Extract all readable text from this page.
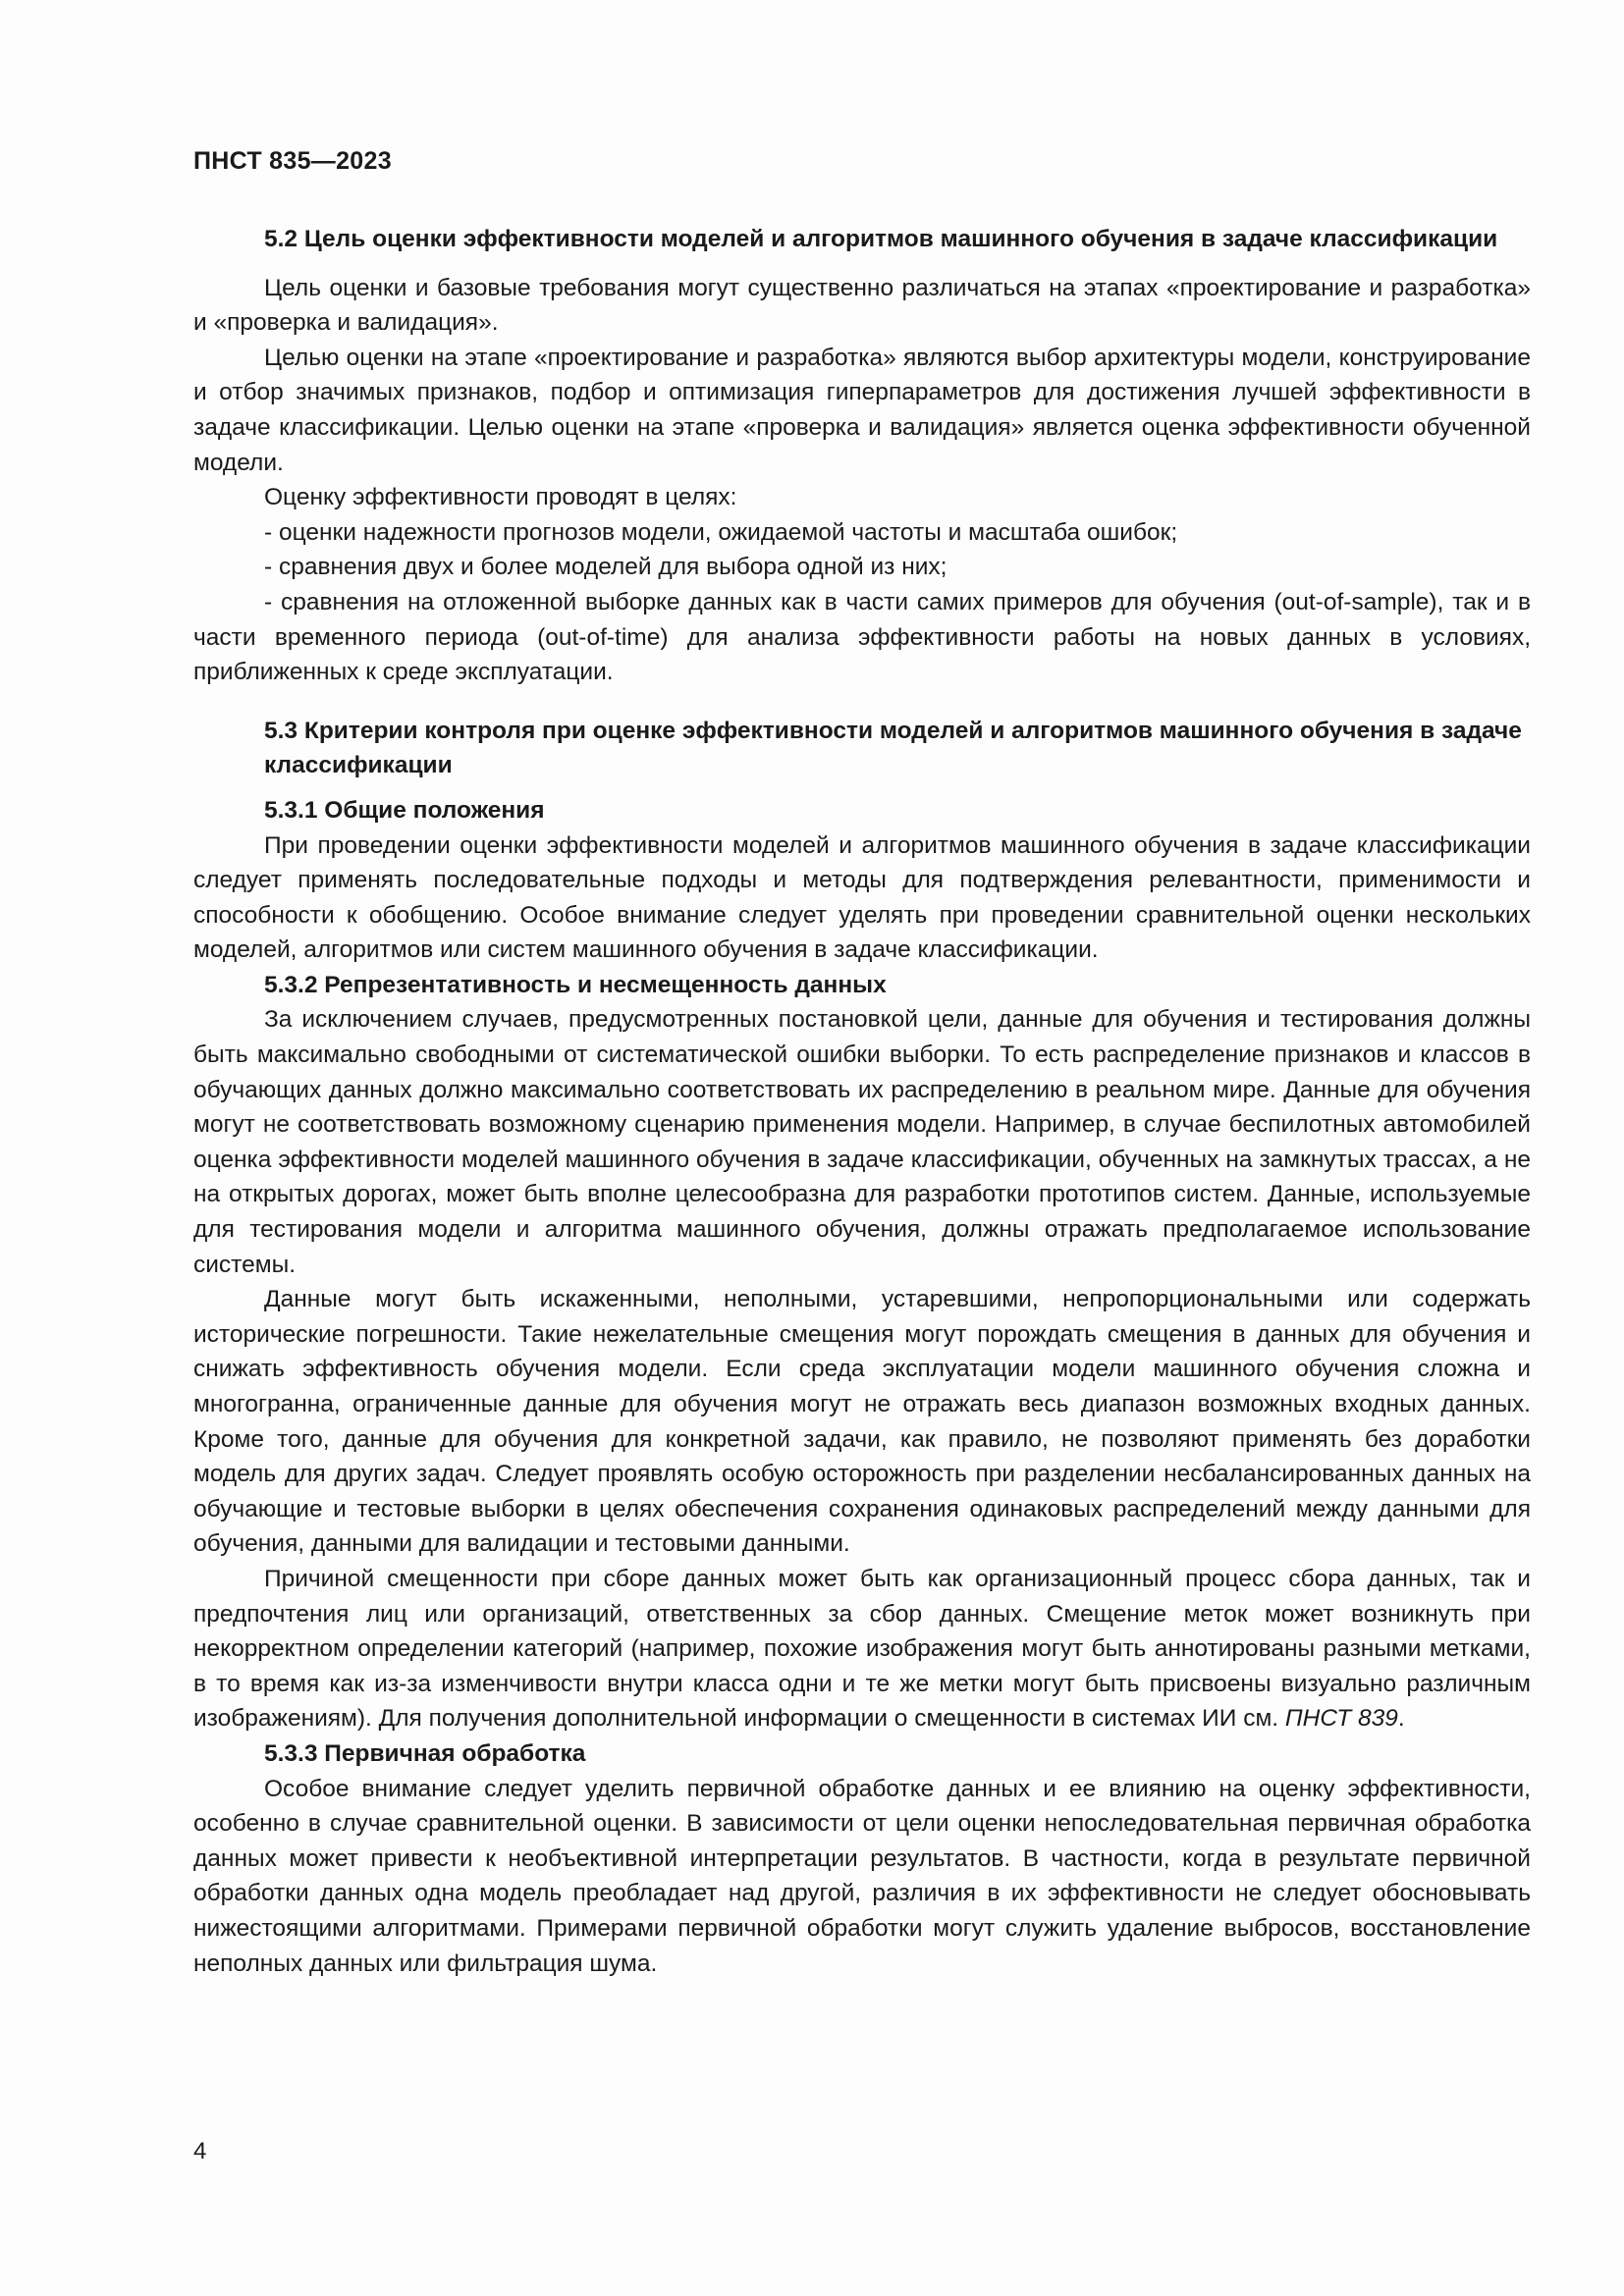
ПНСТ 835—2023

5.2 Цель оценки эффективности моделей и алгоритмов машинного обучения в задаче классификации

Цель оценки и базовые требования могут существенно различаться на этапах «проектирование и разработка» и «проверка и валидация».

Целью оценки на этапе «проектирование и разработка» являются выбор архитектуры модели, конструирование и отбор значимых признаков, подбор и оптимизация гиперпараметров для достижения лучшей эффективности в задаче классификации. Целью оценки на этапе «проверка и валидация» является оценка эффективности обученной модели.

Оценку эффективности проводят в целях:

- оценки надежности прогнозов модели, ожидаемой частоты и масштаба ошибок;

- сравнения двух и более моделей для выбора одной из них;

- сравнения на отложенной выборке данных как в части самих примеров для обучения (out-of-sample), так и в части временного периода (out-of-time) для анализа эффективности работы на новых данных в условиях, приближенных к среде эксплуатации.

5.3 Критерии контроля при оценке эффективности моделей и алгоритмов машинного обучения в задаче классификации

5.3.1 Общие положения

При проведении оценки эффективности моделей и алгоритмов машинного обучения в задаче классификации следует применять последовательные подходы и методы для подтверждения релевантности, применимости и способности к обобщению. Особое внимание следует уделять при проведении сравнительной оценки нескольких моделей, алгоритмов или систем машинного обучения в задаче классификации.

5.3.2 Репрезентативность и несмещенность данных

За исключением случаев, предусмотренных постановкой цели, данные для обучения и тестирования должны быть максимально свободными от систематической ошибки выборки. То есть распределение признаков и классов в обучающих данных должно максимально соответствовать их распределению в реальном мире. Данные для обучения могут не соответствовать возможному сценарию применения модели. Например, в случае беспилотных автомобилей оценка эффективности моделей машинного обучения в задаче классификации, обученных на замкнутых трассах, а не на открытых дорогах, может быть вполне целесообразна для разработки прототипов систем. Данные, используемые для тестирования модели и алгоритма машинного обучения, должны отражать предполагаемое использование системы.

Данные могут быть искаженными, неполными, устаревшими, непропорциональными или содержать исторические погрешности. Такие нежелательные смещения могут порождать смещения в данных для обучения и снижать эффективность обучения модели. Если среда эксплуатации модели машинного обучения сложна и многогранна, ограниченные данные для обучения могут не отражать весь диапазон возможных входных данных. Кроме того, данные для обучения для конкретной задачи, как правило, не позволяют применять без доработки модель для других задач. Следует проявлять особую осторожность при разделении несбалансированных данных на обучающие и тестовые выборки в целях обеспечения сохранения одинаковых распределений между данными для обучения, данными для валидации и тестовыми данными.

Причиной смещенности при сборе данных может быть как организационный процесс сбора данных, так и предпочтения лиц или организаций, ответственных за сбор данных. Смещение меток может возникнуть при некорректном определении категорий (например, похожие изображения могут быть аннотированы разными метками, в то время как из-за изменчивости внутри класса одни и те же метки могут быть присвоены визуально различным изображениям). Для получения дополнительной информации о смещенности в системах ИИ см. ПНСТ 839.

5.3.3 Первичная обработка

Особое внимание следует уделить первичной обработке данных и ее влиянию на оценку эффективности, особенно в случае сравнительной оценки. В зависимости от цели оценки непоследовательная первичная обработка данных может привести к необъективной интерпретации результатов. В частности, когда в результате первичной обработки данных одна модель преобладает над другой, различия в их эффективности не следует обосновывать нижестоящими алгоритмами. Примерами первичной обработки могут служить удаление выбросов, восстановление неполных данных или фильтрация шума.

4
